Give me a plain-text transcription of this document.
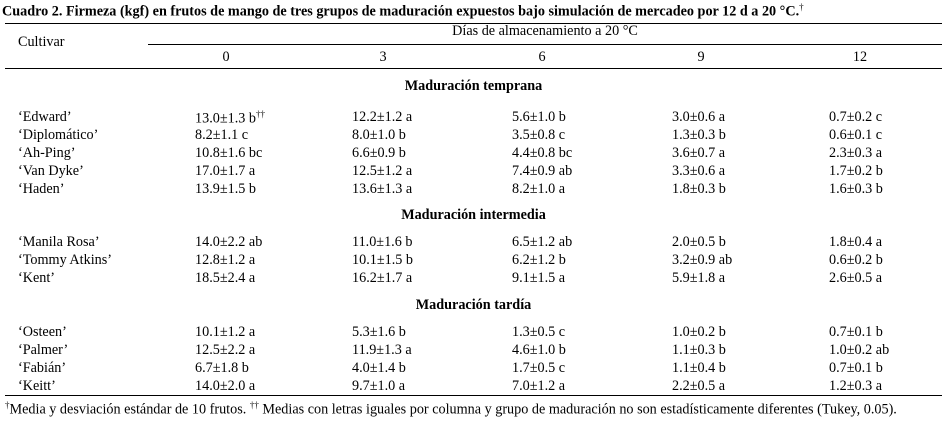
Cuadro 2. Firmeza (kgf) en frutos de mango de tres grupos de maduración expuestos bajo simulación de mercadeo por 12 d a 20 °C.†
Cultivar
Días de almacenamiento a 20 °C
0	3	6	9	12
Maduración temprana
‘Edward’	13.0±1.3 b††	12.2±1.2 a	5.6±1.0 b	3.0±0.6 a	0.7±0.2 c
‘Diplomático’	8.2±1.1 c	8.0±1.0 b	3.5±0.8 c	1.3±0.3 b	0.6±0.1 c
‘Ah-Ping’	10.8±1.6 bc	6.6±0.9 b	4.4±0.8 bc	3.6±0.7 a	2.3±0.3 a
‘Van Dyke’	17.0±1.7 a	12.5±1.2 a	7.4±0.9 ab	3.3±0.6 a	1.7±0.2 b
‘Haden’	13.9±1.5 b	13.6±1.3 a	8.2±1.0 a	1.8±0.3 b	1.6±0.3 b
Maduración intermedia
‘Manila Rosa’	14.0±2.2 ab	11.0±1.6 b	6.5±1.2 ab	2.0±0.5 b	1.8±0.4 a
‘Tommy Atkins’	12.8±1.2 a	10.1±1.5 b	6.2±1.2 b	3.2±0.9 ab	0.6±0.2 b
‘Kent’	18.5±2.4 a	16.2±1.7 a	9.1±1.5 a	5.9±1.8 a	2.6±0.5 a
Maduración tardía
‘Osteen’	10.1±1.2 a	5.3±1.6 b	1.3±0.5 c	1.0±0.2 b	0.7±0.1 b
‘Palmer’	12.5±2.2 a	11.9±1.3 a	4.6±1.0 b	1.1±0.3 b	1.0±0.2 ab
‘Fabián’	6.7±1.8 b	4.0±1.4 b	1.7±0.5 c	1.1±0.4 b	0.7±0.1 b
‘Keitt’	14.0±2.0 a	9.7±1.0 a	7.0±1.2 a	2.2±0.5 a	1.2±0.3 a
†Media y desviación estándar de 10 frutos. †† Medias con letras iguales por columna y grupo de maduración no son estadísticamente diferentes (Tukey, 0.05).
